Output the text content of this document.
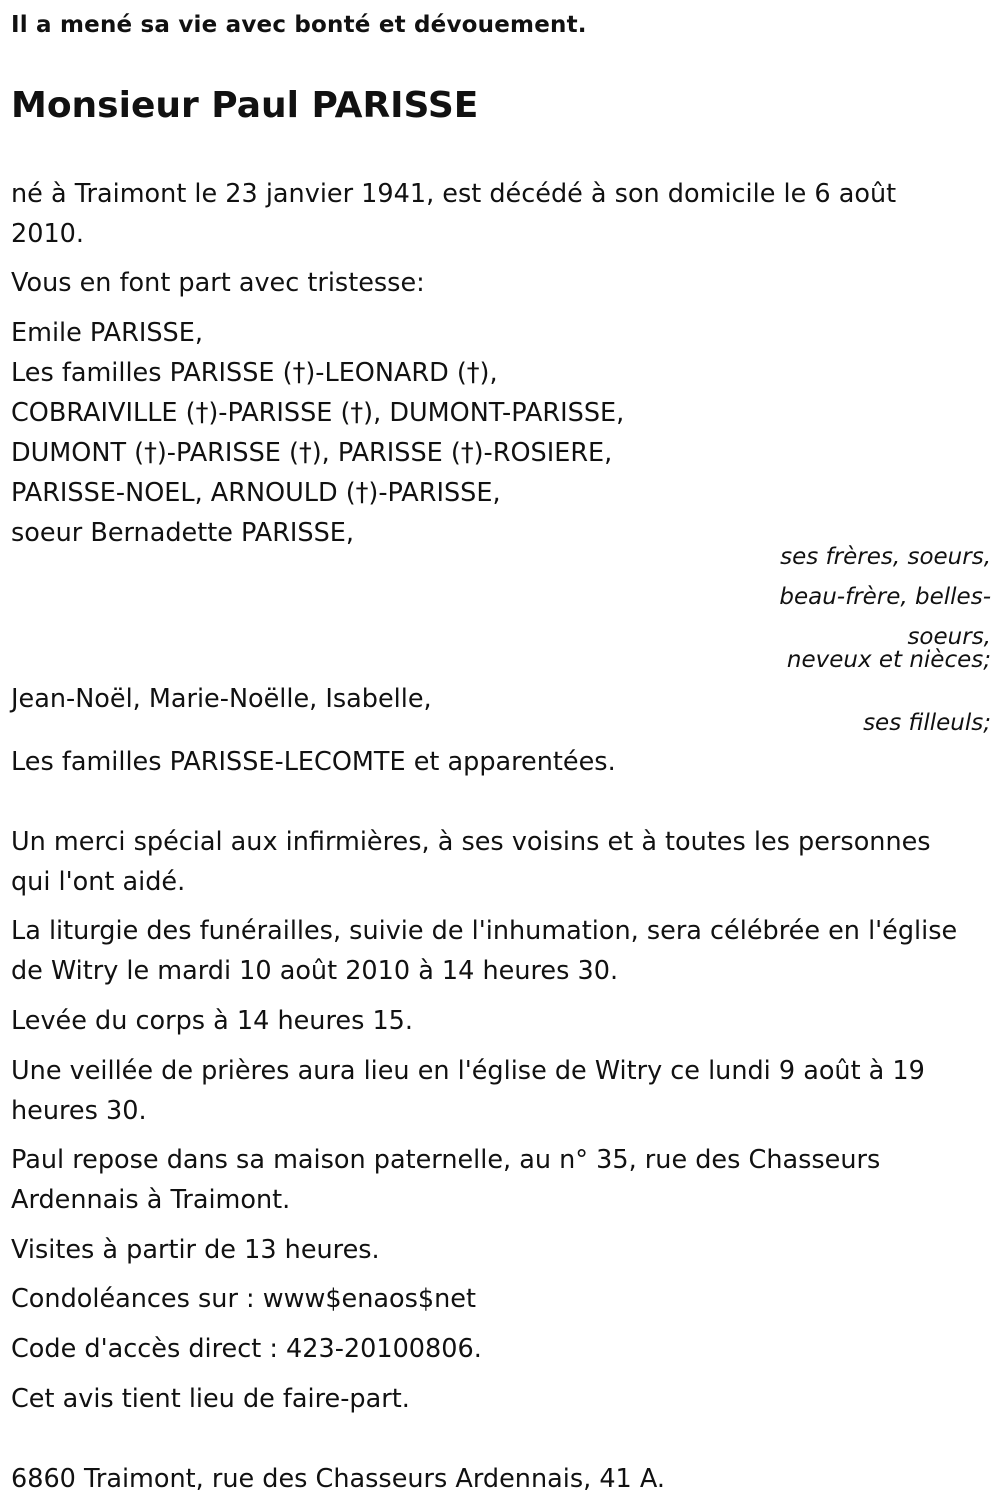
Il a mené sa vie avec bonté et dévouement.
Monsieur Paul PARISSE
né à Traimont le 23 janvier 1941, est décédé à son domicile le 6 août
2010.
Vous en font part avec tristesse:
Emile PARISSE,
Les familles PARISSE (†)-LEONARD (†),
COBRAIVILLE (†)-PARISSE (†), DUMONT-PARISSE,
DUMONT (†)-PARISSE (†), PARISSE (†)-ROSIERE,
PARISSE-NOEL, ARNOULD (†)-PARISSE,
soeur Bernadette PARISSE,
ses frères, soeurs,
beau-frère, belles-
soeurs,
neveux et nièces;
Jean-Noël, Marie-Noëlle, Isabelle,
ses filleuls;
Les familles PARISSE-LECOMTE et apparentées.
Un merci spécial aux infirmières, à ses voisins et à toutes les personnes
qui l'ont aidé.
La liturgie des funérailles, suivie de l'inhumation, sera célébrée en l'église
de Witry le mardi 10 août 2010 à 14 heures 30.
Levée du corps à 14 heures 15.
Une veillée de prières aura lieu en l'église de Witry ce lundi 9 août à 19
heures 30.
Paul repose dans sa maison paternelle, au n° 35, rue des Chasseurs
Ardennais à Traimont.
Visites à partir de 13 heures.
Condoléances sur : www$enaos$net
Code d'accès direct : 423-20100806.
Cet avis tient lieu de faire-part.
6860 Traimont, rue des Chasseurs Ardennais, 41 A.
